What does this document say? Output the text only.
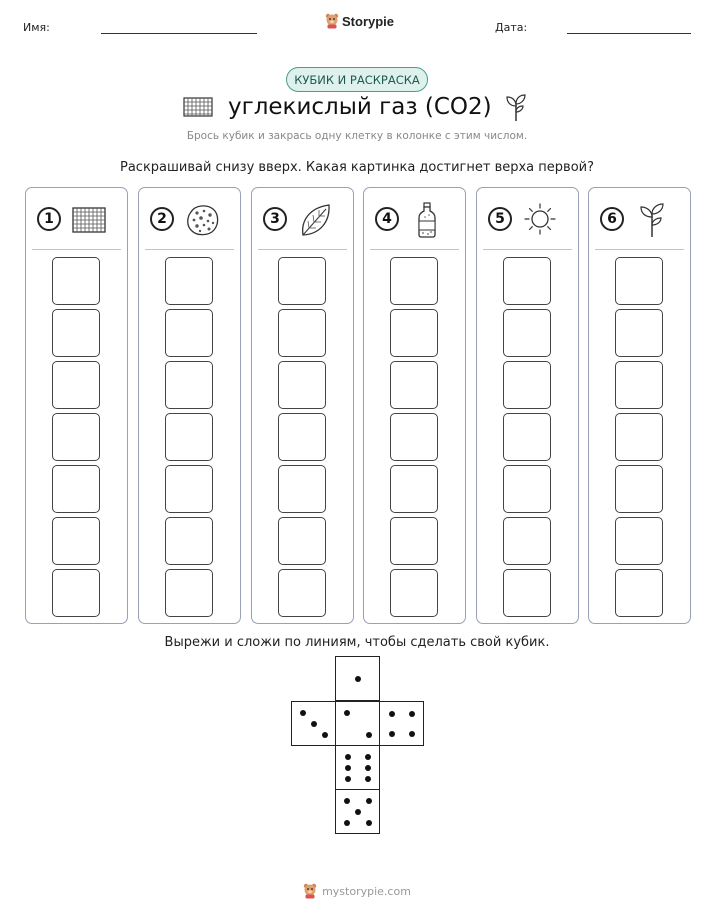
Имя:	Storypie	Дата:
КУБИК И РАСКРАСКА
углекислый газ (CO2)
Брось кубик и закрась одну клетку в колонке с этим числом.
Раскрашивай снизу вверх. Какая картинка достигнет верха первой?
1	2	3	4	5	6
Вырежи и сложи по линиям, чтобы сделать свой кубик.
mystorypie.com
